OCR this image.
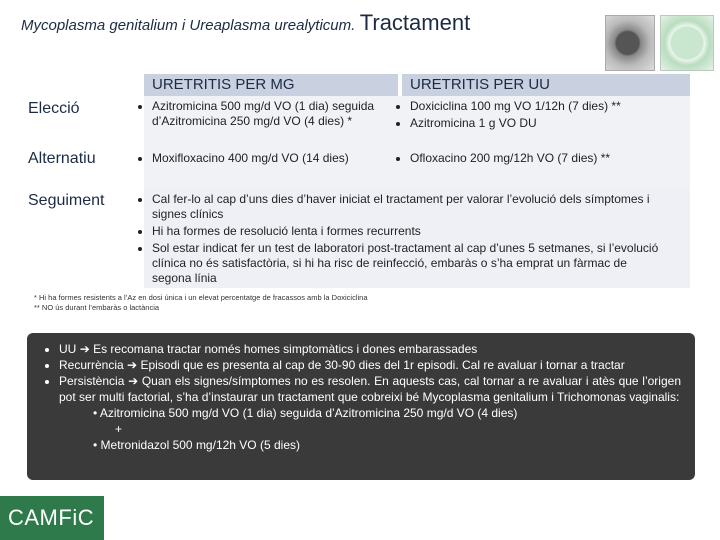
Mycoplasma genitalium i Ureaplasma urealyticum. Tractament
URETRITIS PER MG	URETRITIS PER UU
Elecció
Alternatiu
Seguiment
• Azitromicina 500 mg/d VO (1 dia) seguida d’Azitromicina 250 mg/d VO (4 dies) *
• Moxifloxacino 400 mg/d VO (14 dies)
• Doxiciclina 100 mg VO 1/12h (7 dies) **
• Azitromicina 1 g VO DU
• Ofloxacino 200 mg/12h VO (7 dies) **
• Cal fer-lo al cap d’uns dies d’haver iniciat el tractament per valorar l’evolució dels símptomes i signes clínics
• Hi ha formes de resolució lenta i formes recurrents
• Sol estar indicat fer un test de laboratori post-tractament al cap d’unes 5 setmanes, si l’evolució clínica no és satisfactòria, si hi ha risc de reinfecció, embaràs o s’ha emprat un fàrmac de segona línia
* Hi ha formes resistents a l’Az en dosi única i un elevat percentatge de fracassos amb la Doxiciclina
** NO ús durant l’embaràs o lactància
• UU ➔ Es recomana tractar només homes simptomàtics i dones embarassades
• Recurrència ➔ Episodi que es presenta al cap de 30-90 dies del 1r episodi. Cal re avaluar i tornar a tractar
• Persistència ➔ Quan els signes/símptomes no es resolen. En aquests cas, cal tornar a re avaluar i atès que l’origen pot ser multi factorial, s’ha d’instaurar un tractament que cobreixi bé Mycoplasma genitalium i Trichomonas vaginalis:
• Azitromicina 500 mg/d VO (1 dia) seguida d’Azitromicina 250 mg/d VO (4 dies)
+
• Metronidazol 500 mg/12h VO (5 dies)
CAMFiC
